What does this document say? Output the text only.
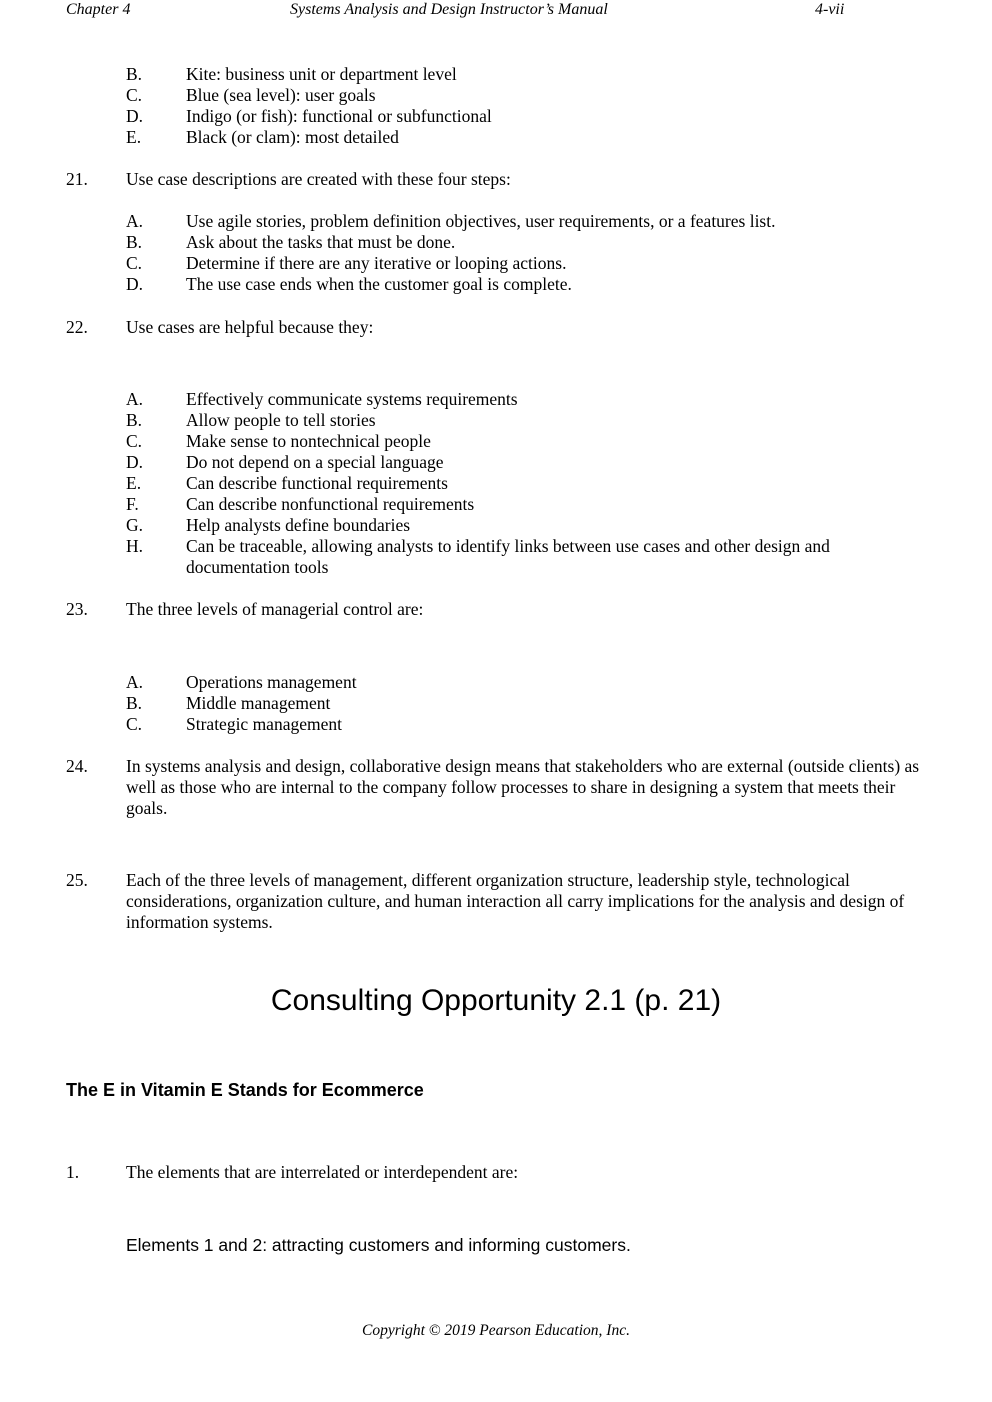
Chapter 4	Systems Analysis and Design Instructor’s Manual	4-vii
B.	Kite: business unit or department level
C.	Blue (sea level): user goals
D.	Indigo (or fish): functional or subfunctional
E.	Black (or clam): most detailed
21.	Use case descriptions are created with these four steps:
A.	Use agile stories, problem definition objectives, user requirements, or a features list.
B.	Ask about the tasks that must be done.
C.	Determine if there are any iterative or looping actions.
D.	The use case ends when the customer goal is complete.
22.	Use cases are helpful because they:
A.	Effectively communicate systems requirements
B.	Allow people to tell stories
C.	Make sense to nontechnical people
D.	Do not depend on a special language
E.	Can describe functional requirements
F.	Can describe nonfunctional requirements
G.	Help analysts define boundaries
H.	Can be traceable, allowing analysts to identify links between use cases and other design and documentation tools
23.	The three levels of managerial control are:
A.	Operations management
B.	Middle management
C.	Strategic management
24.	In systems analysis and design, collaborative design means that stakeholders who are external (outside clients) as well as those who are internal to the company follow processes to share in designing a system that meets their goals.
25.	Each of the three levels of management, different organization structure, leadership style, technological considerations, organization culture, and human interaction all carry implications for the analysis and design of information systems.
Consulting Opportunity 2.1 (p. 21)
The E in Vitamin E Stands for Ecommerce
1.	The elements that are interrelated or interdependent are:
Elements 1 and 2: attracting customers and informing customers.
Copyright © 2019 Pearson Education, Inc.
